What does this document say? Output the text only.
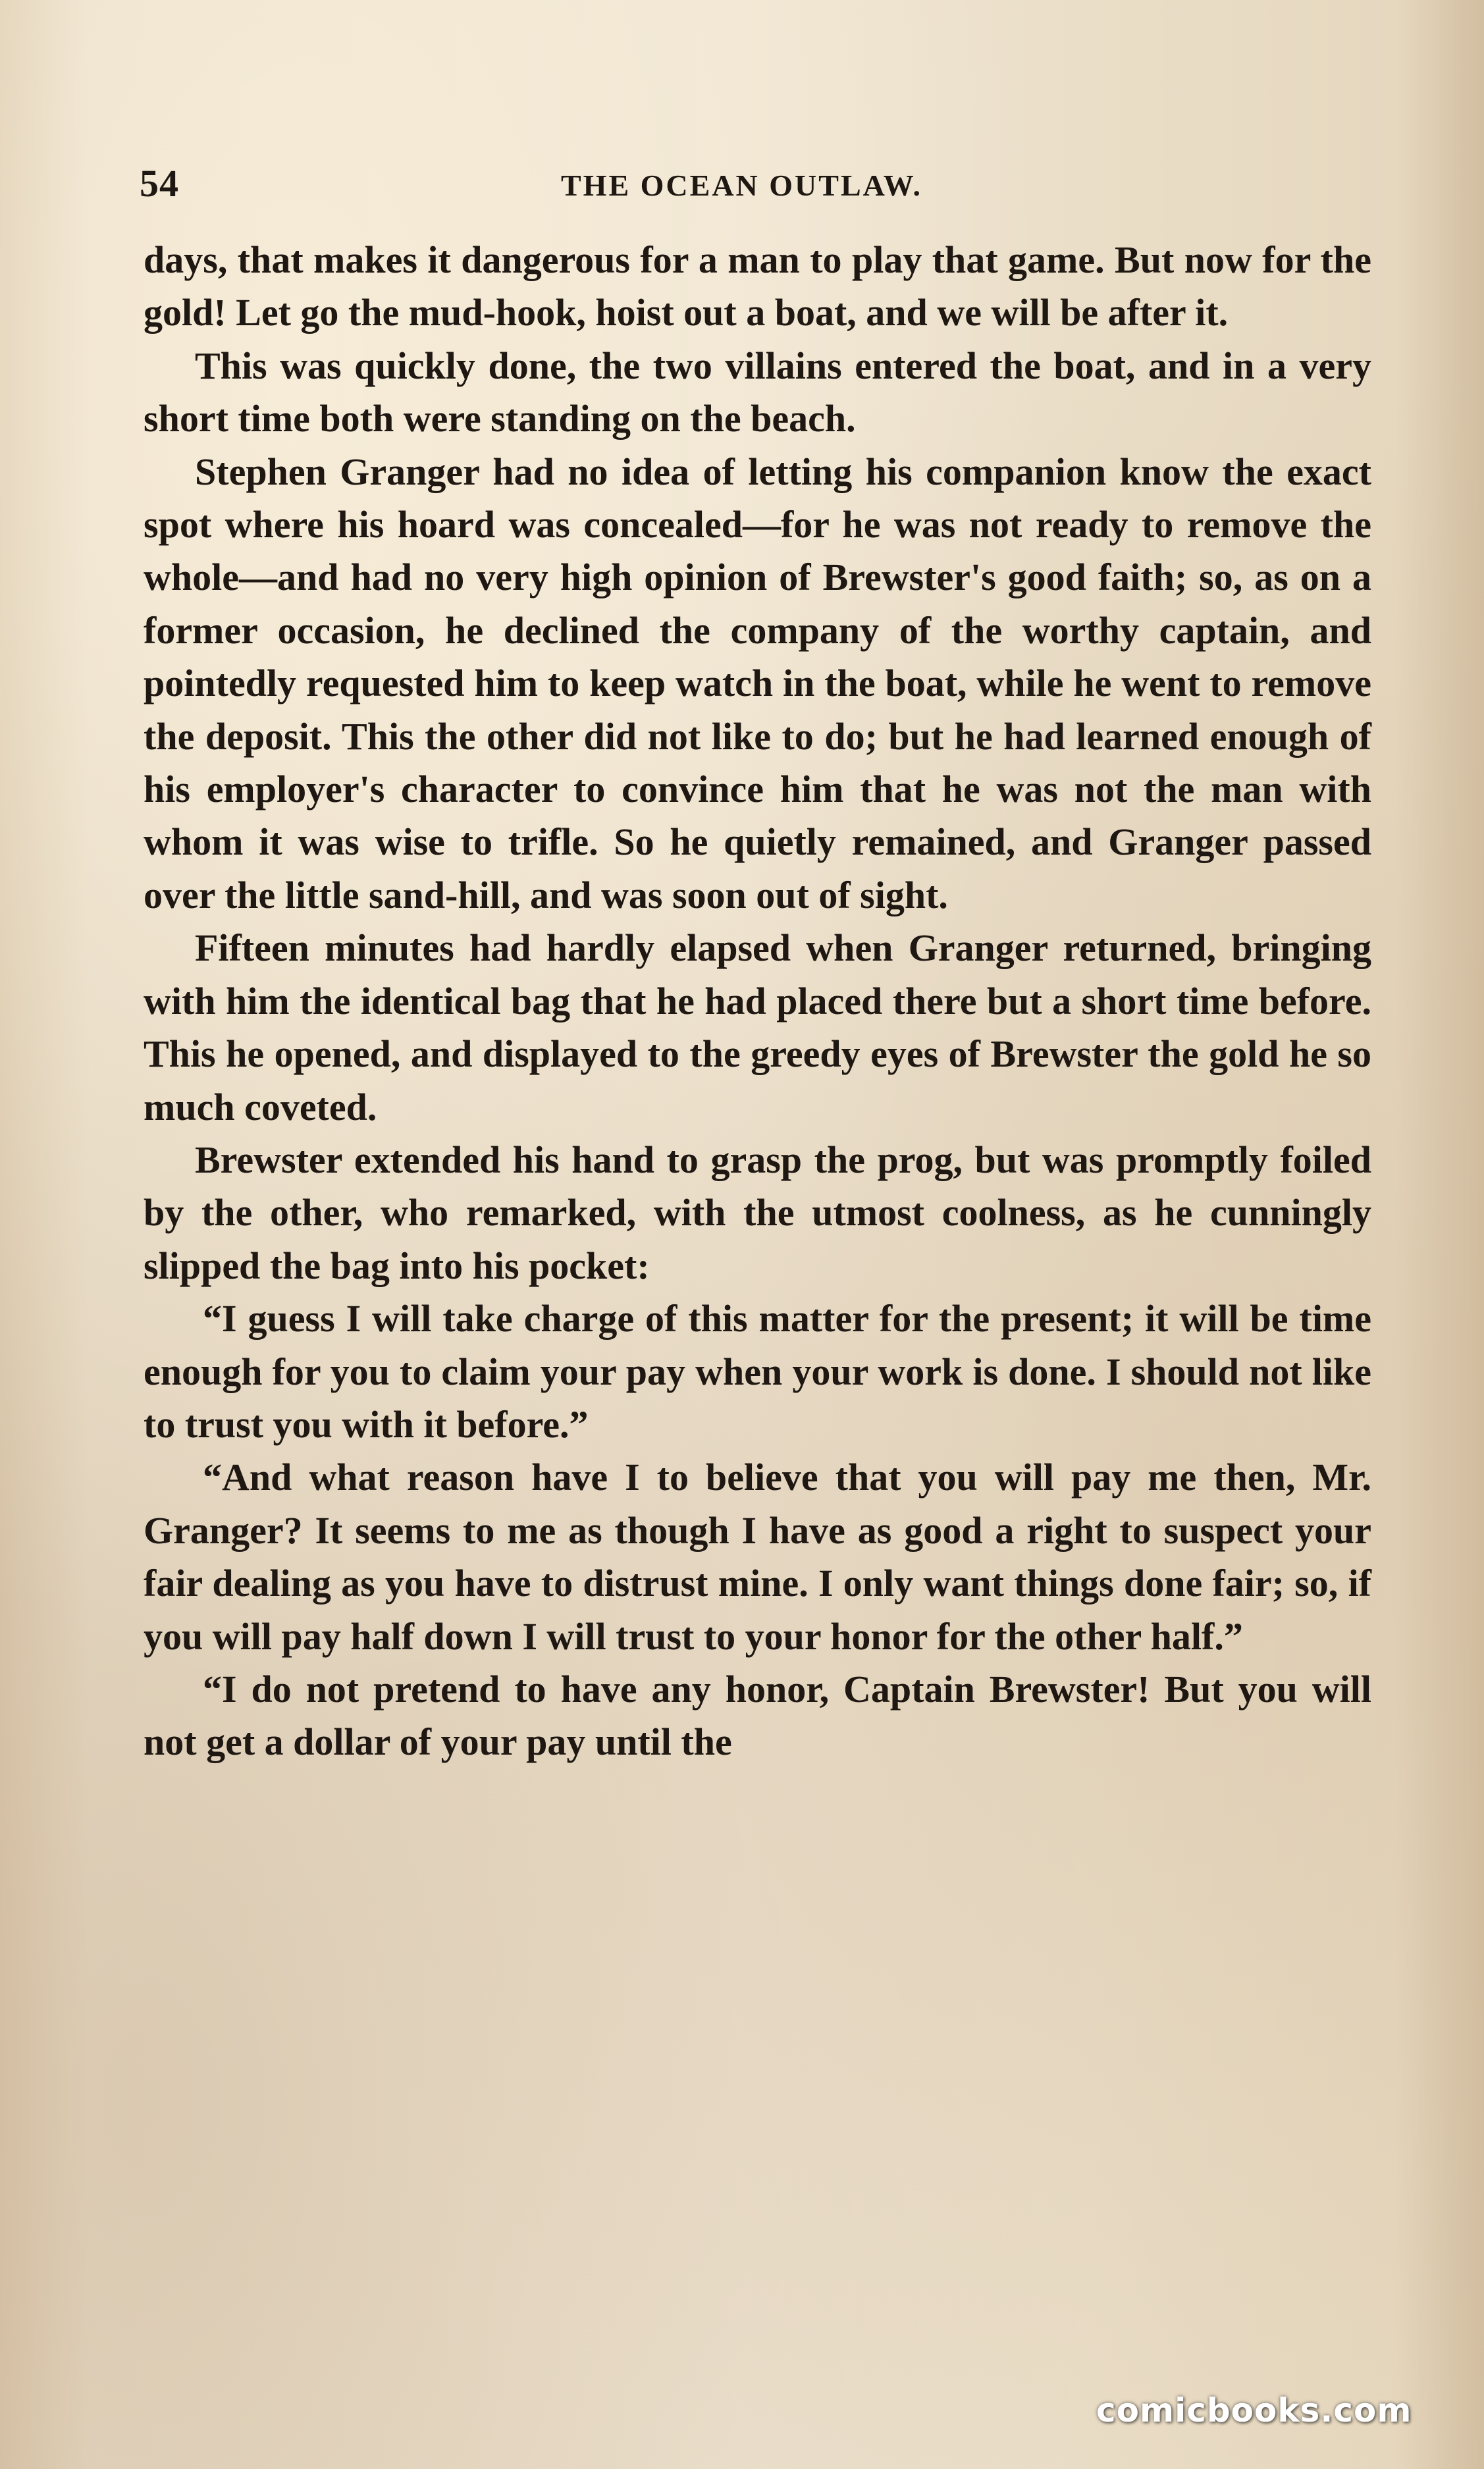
54	THE OCEAN OUTLAW.

days, that makes it dangerous for a man to play that game. But now for the gold! Let go the mud-hook, hoist out a boat, and we will be after it.

This was quickly done, the two villains entered the boat, and in a very short time both were standing on the beach.

Stephen Granger had no idea of letting his companion know the exact spot where his hoard was concealed—for he was not ready to remove the whole—and had no very high opinion of Brewster's good faith; so, as on a former occasion, he declined the company of the worthy captain, and pointedly requested him to keep watch in the boat, while he went to remove the deposit. This the other did not like to do; but he had learned enough of his employer's character to convince him that he was not the man with whom it was wise to trifle. So he quietly remained, and Granger passed over the little sand-hill, and was soon out of sight.

Fifteen minutes had hardly elapsed when Granger returned, bringing with him the identical bag that he had placed there but a short time before. This he opened, and displayed to the greedy eyes of Brewster the gold he so much coveted.

Brewster extended his hand to grasp the prog, but was promptly foiled by the other, who remarked, with the utmost coolness, as he cunningly slipped the bag into his pocket:

“I guess I will take charge of this matter for the present; it will be time enough for you to claim your pay when your work is done. I should not like to trust you with it before.”

“And what reason have I to believe that you will pay me then, Mr. Granger? It seems to me as though I have as good a right to suspect your fair dealing as you have to distrust mine. I only want things done fair; so, if you will pay half down I will trust to your honor for the other half.”

“I do not pretend to have any honor, Captain Brewster! But you will not get a dollar of your pay until the

comicbooks.com
